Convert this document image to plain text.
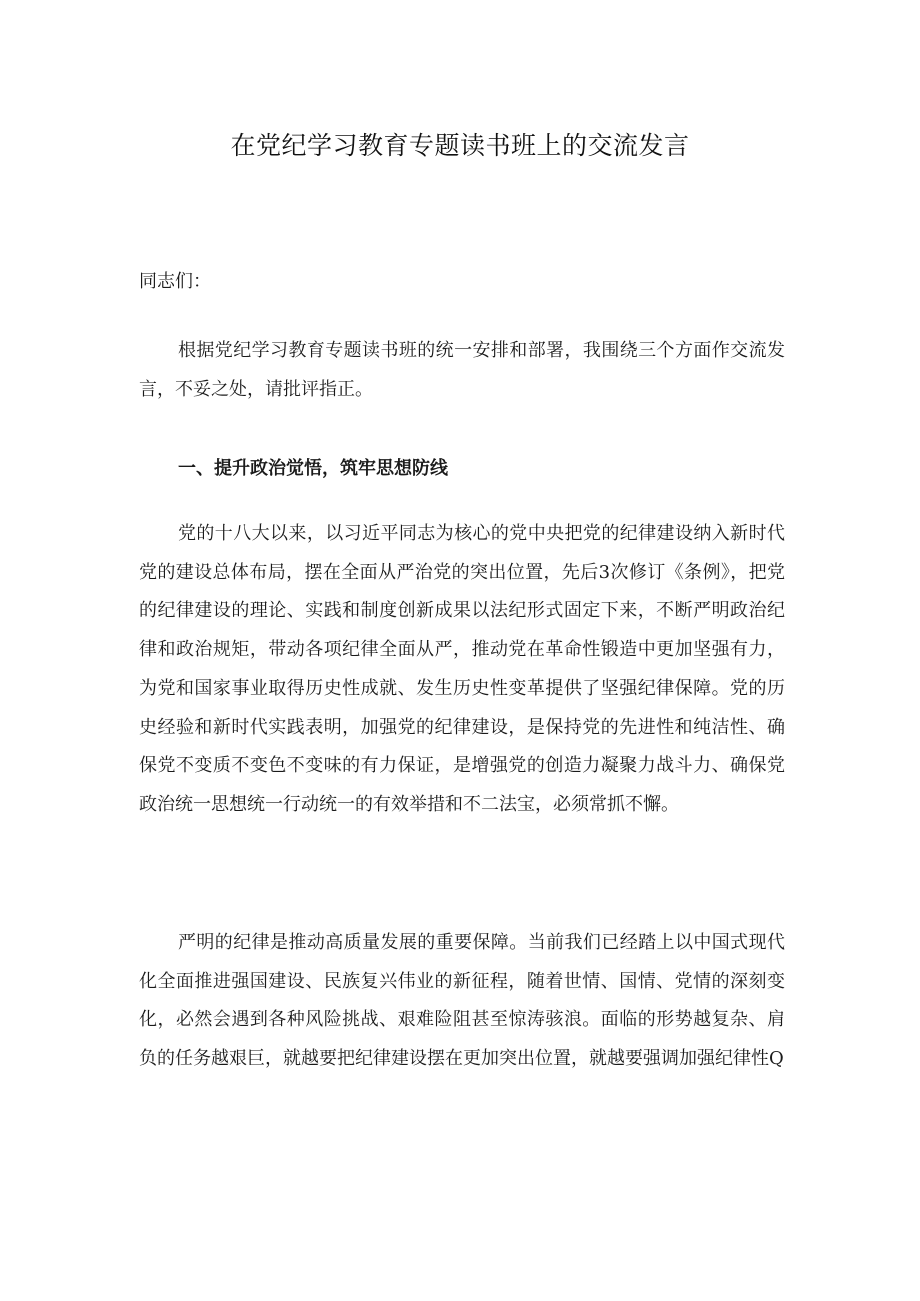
在党纪学习教育专题读书班上的交流发言

同志们：

根据党纪学习教育专题读书班的统一安排和部署，我围绕三个方面作交流发言，不妥之处，请批评指正。

一、提升政治觉悟，筑牢思想防线

党的十八大以来，以习近平同志为核心的党中央把党的纪律建设纳入新时代党的建设总体布局，摆在全面从严治党的突出位置，先后3次修订《条例》，把党的纪律建设的理论、实践和制度创新成果以法纪形式固定下来，不断严明政治纪律和政治规矩，带动各项纪律全面从严，推动党在革命性锻造中更加坚强有力，为党和国家事业取得历史性成就、发生历史性变革提供了坚强纪律保障。党的历史经验和新时代实践表明，加强党的纪律建设，是保持党的先进性和纯洁性、确保党不变质不变色不变味的有力保证，是增强党的创造力凝聚力战斗力、确保党政治统一思想统一行动统一的有效举措和不二法宝，必须常抓不懈。

严明的纪律是推动高质量发展的重要保障。当前我们已经踏上以中国式现代化全面推进强国建设、民族复兴伟业的新征程，随着世情、国情、党情的深刻变化，必然会遇到各种风险挑战、艰难险阻甚至惊涛骇浪。面临的形势越复杂、肩负的任务越艰巨，就越要把纪律建设摆在更加突出位置，就越要强调加强纪律性Q
